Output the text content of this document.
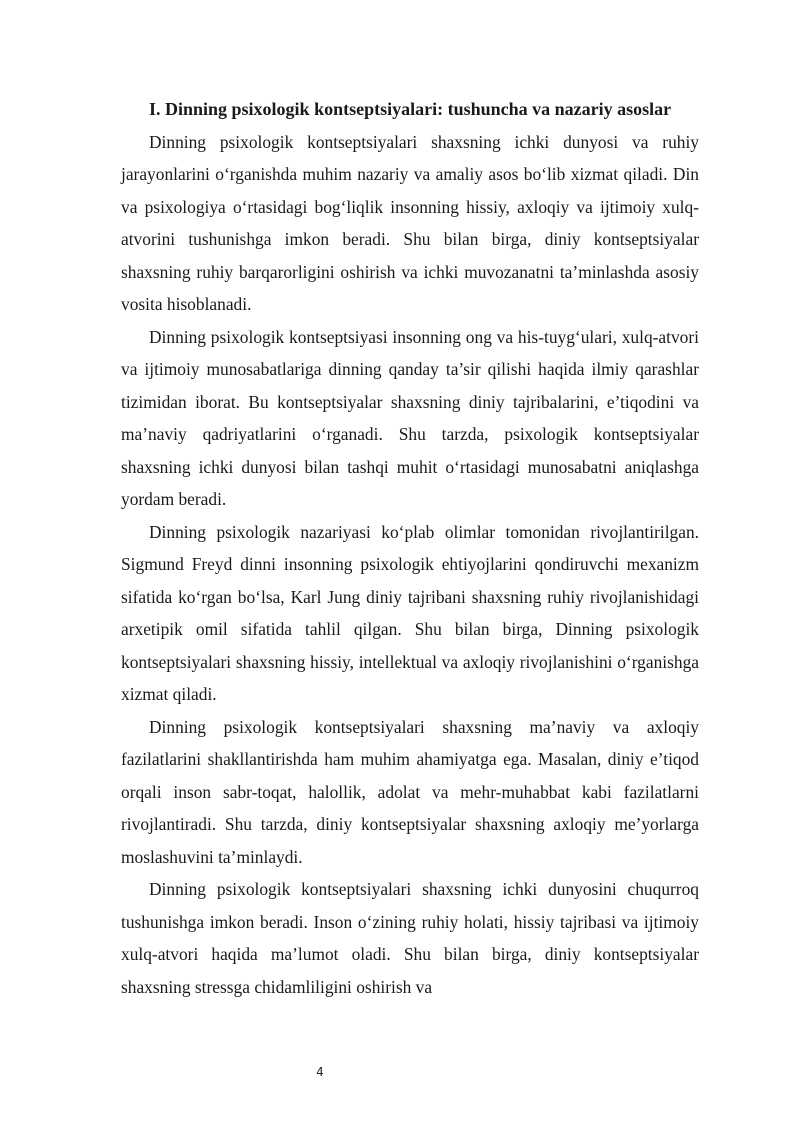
I. Dinning psixologik kontseptsiyalari: tushuncha va nazariy asoslar

Dinning psixologik kontseptsiyalari shaxsning ichki dunyosi va ruhiy jarayonlarini o‘rganishda muhim nazariy va amaliy asos bo‘lib xizmat qiladi. Din va psixologiya o‘rtasidagi bog‘liqlik insonning hissiy, axloqiy va ijtimoiy xulq-atvorini tushunishga imkon beradi. Shu bilan birga, diniy kontseptsiyalar shaxsning ruhiy barqarorligini oshirish va ichki muvozanatni ta’minlashda asosiy vosita hisoblanadi.

Dinning psixologik kontseptsiyasi insonning ong va his-tuyg‘ulari, xulq-atvori va ijtimoiy munosabatlariga dinning qanday ta’sir qilishi haqida ilmiy qarashlar tizimidan iborat. Bu kontseptsiyalar shaxsning diniy tajribalarini, e’tiqodini va ma’naviy qadriyatlarini o‘rganadi. Shu tarzda, psixologik kontseptsiyalar shaxsning ichki dunyosi bilan tashqi muhit o‘rtasidagi munosabatni aniqlashga yordam beradi.

Dinning psixologik nazariyasi ko‘plab olimlar tomonidan rivojlantirilgan. Sigmund Freyd dinni insonning psixologik ehtiyojlarini qondiruvchi mexanizm sifatida ko‘rgan bo‘lsa, Karl Jung diniy tajribani shaxsning ruhiy rivojlanishidagi arxetipik omil sifatida tahlil qilgan. Shu bilan birga, Dinning psixologik kontseptsiyalari shaxsning hissiy, intellektual va axloqiy rivojlanishini o‘rganishga xizmat qiladi.

Dinning psixologik kontseptsiyalari shaxsning ma’naviy va axloqiy fazilatlarini shakllantirishda ham muhim ahamiyatga ega. Masalan, diniy e’tiqod orqali inson sabr-toqat, halollik, adolat va mehr-muhabbat kabi fazilatlarni rivojlantiradi. Shu tarzda, diniy kontseptsiyalar shaxsning axloqiy me’yorlarga moslashuvini ta’minlaydi.

Dinning psixologik kontseptsiyalari shaxsning ichki dunyosini chuqurroq tushunishga imkon beradi. Inson o‘zining ruhiy holati, hissiy tajribasi va ijtimoiy xulq-atvori haqida ma’lumot oladi. Shu bilan birga, diniy kontseptsiyalar shaxsning stressga chidamliligini oshirish va

4
